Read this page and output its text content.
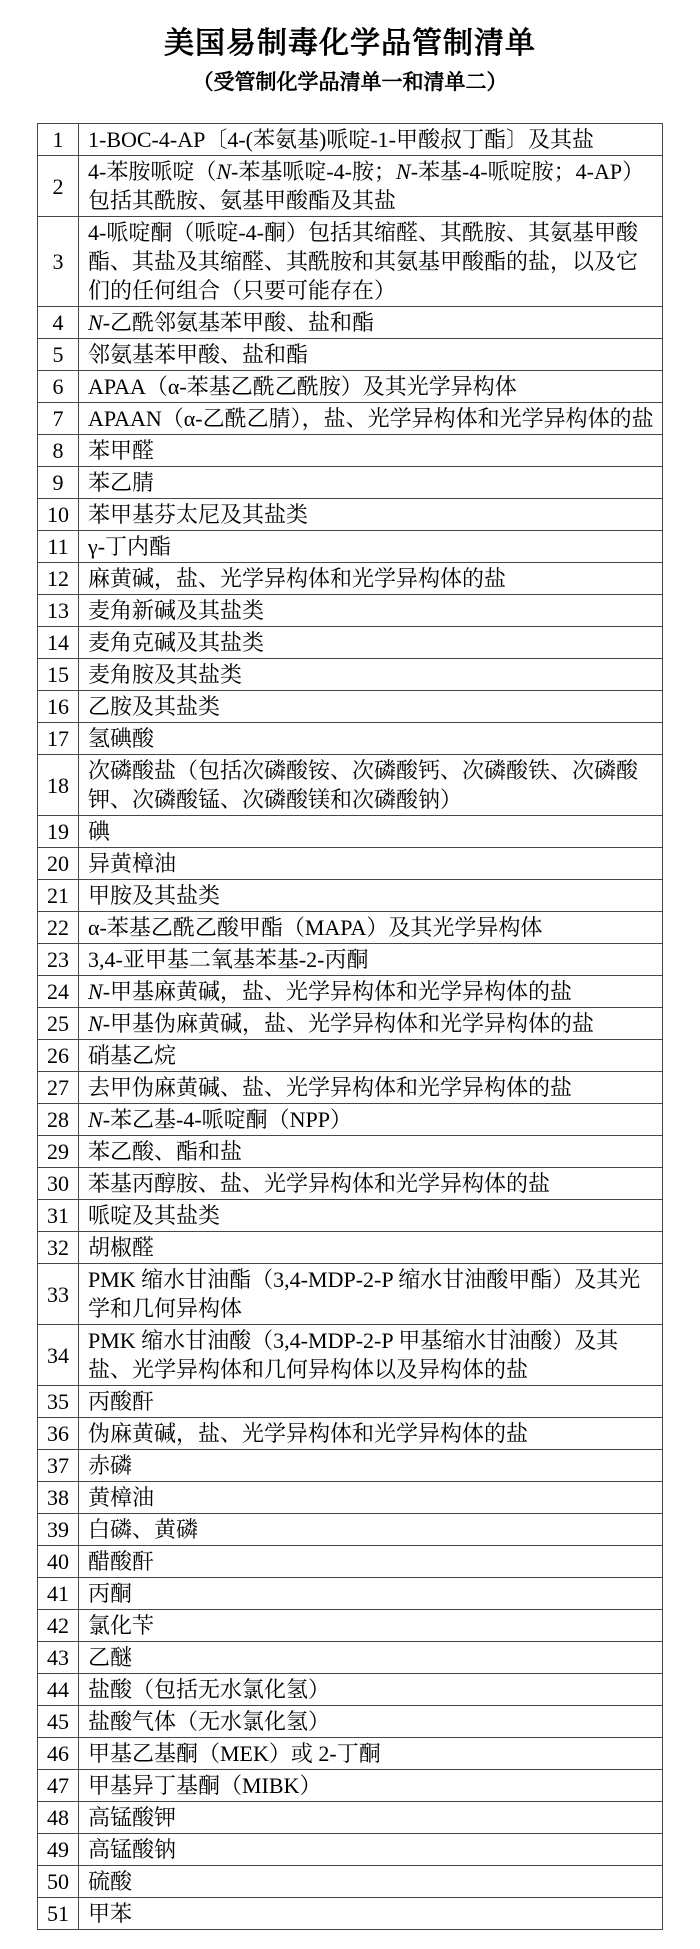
美国易制毒化学品管制清单

（受管制化学品清单一和清单二）

1	1-BOC-4-AP〔4-(苯氨基)哌啶-1-甲酸叔丁酯〕及其盐
2	4-苯胺哌啶（N-苯基哌啶-4-胺；N-苯基-4-哌啶胺；4-AP）包括其酰胺、氨基甲酸酯及其盐
3	4-哌啶酮（哌啶-4-酮）包括其缩醛、其酰胺、其氨基甲酸酯、其盐及其缩醛、其酰胺和其氨基甲酸酯的盐，以及它们的任何组合（只要可能存在）
4	N-乙酰邻氨基苯甲酸、盐和酯
5	邻氨基苯甲酸、盐和酯
6	APAA（α-苯基乙酰乙酰胺）及其光学异构体
7	APAAN（α-乙酰乙腈），盐、光学异构体和光学异构体的盐
8	苯甲醛
9	苯乙腈
10	苯甲基芬太尼及其盐类
11	γ-丁内酯
12	麻黄碱，盐、光学异构体和光学异构体的盐
13	麦角新碱及其盐类
14	麦角克碱及其盐类
15	麦角胺及其盐类
16	乙胺及其盐类
17	氢碘酸
18	次磷酸盐（包括次磷酸铵、次磷酸钙、次磷酸铁、次磷酸钾、次磷酸锰、次磷酸镁和次磷酸钠）
19	碘
20	异黄樟油
21	甲胺及其盐类
22	α-苯基乙酰乙酸甲酯（MAPA）及其光学异构体
23	3,4-亚甲基二氧基苯基-2-丙酮
24	N-甲基麻黄碱，盐、光学异构体和光学异构体的盐
25	N-甲基伪麻黄碱，盐、光学异构体和光学异构体的盐
26	硝基乙烷
27	去甲伪麻黄碱、盐、光学异构体和光学异构体的盐
28	N-苯乙基-4-哌啶酮（NPP）
29	苯乙酸、酯和盐
30	苯基丙醇胺、盐、光学异构体和光学异构体的盐
31	哌啶及其盐类
32	胡椒醛
33	PMK 缩水甘油酯（3,4-MDP-2-P 缩水甘油酸甲酯）及其光学和几何异构体
34	PMK 缩水甘油酸（3,4-MDP-2-P 甲基缩水甘油酸）及其盐、光学异构体和几何异构体以及异构体的盐
35	丙酸酐
36	伪麻黄碱，盐、光学异构体和光学异构体的盐
37	赤磷
38	黄樟油
39	白磷、黄磷
40	醋酸酐
41	丙酮
42	氯化苄
43	乙醚
44	盐酸（包括无水氯化氢）
45	盐酸气体（无水氯化氢）
46	甲基乙基酮（MEK）或 2-丁酮
47	甲基异丁基酮（MIBK）
48	高锰酸钾
49	高锰酸钠
50	硫酸
51	甲苯
